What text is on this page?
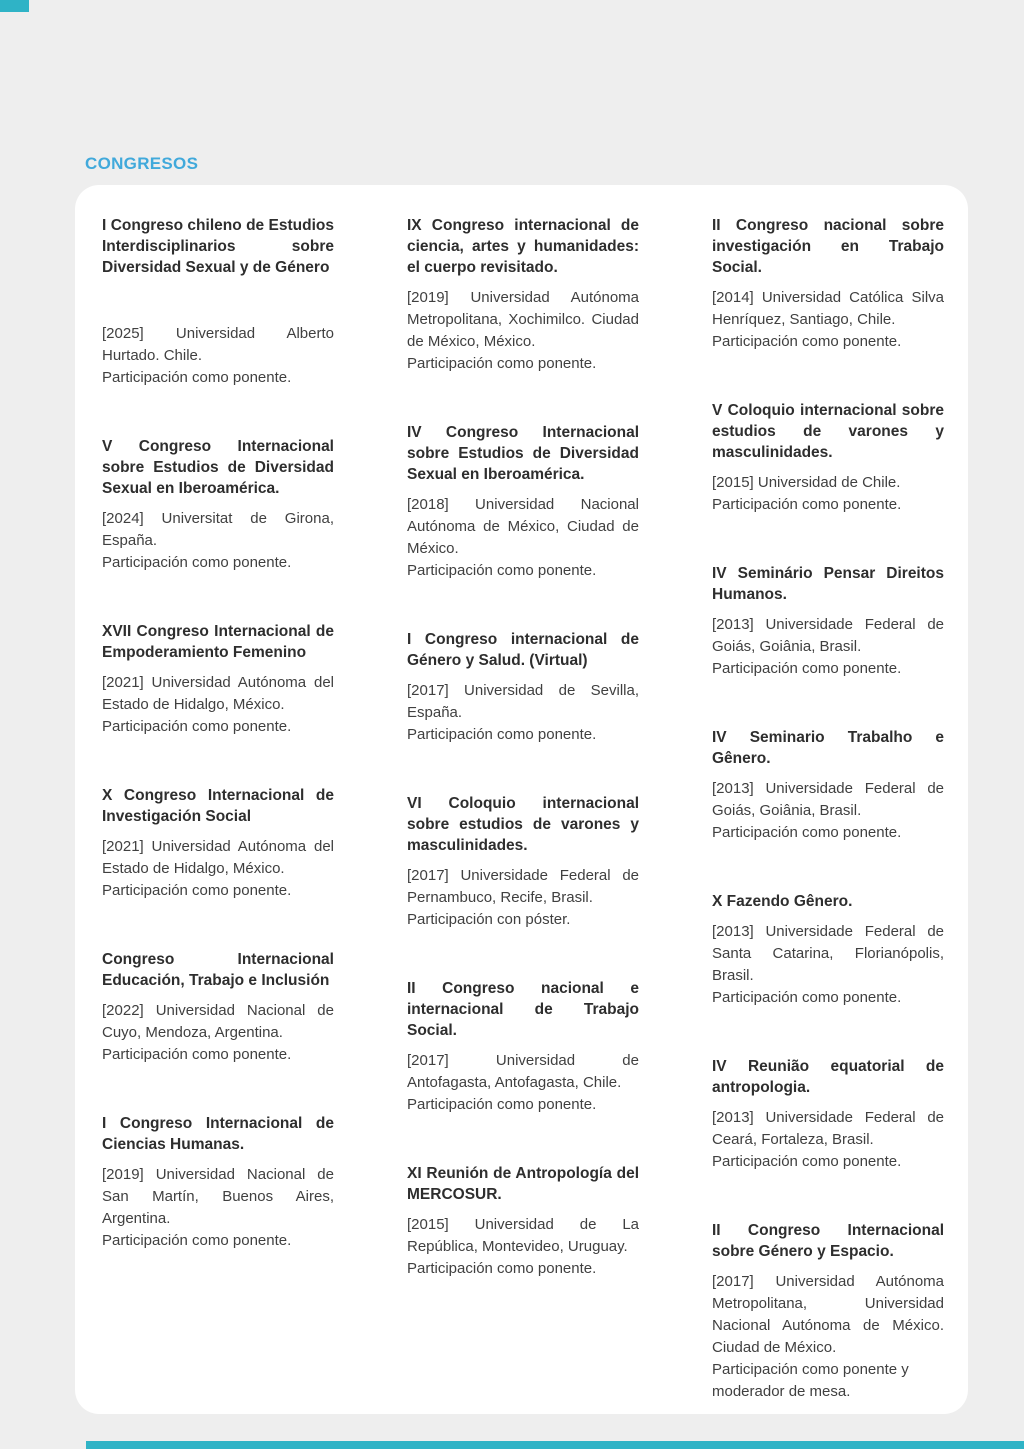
CONGRESOS
I Congreso chileno de Estudios Interdisciplinarios sobre Diversidad Sexual y de Género

[2025] Universidad Alberto Hurtado. Chile.

Participación como ponente.

V Congreso Internacional sobre Estudios de Diversidad Sexual en Iberoamérica.

[2024] Universitat de Girona, España.

Participación como ponente.

XVII Congreso Internacional de Empoderamiento Femenino

[2021] Universidad Autónoma del Estado de Hidalgo, México.

Participación como ponente.

X Congreso Internacional de Investigación Social

[2021] Universidad Autónoma del Estado de Hidalgo, México.

Participación como ponente.

Congreso Internacional Educación, Trabajo e Inclusión

[2022] Universidad Nacional de Cuyo, Mendoza, Argentina.

Participación como ponente.

I Congreso Internacional de Ciencias Humanas.

[2019] Universidad Nacional de San Martín, Buenos Aires, Argentina.

Participación como ponente.

IX Congreso internacional de ciencia, artes y humanidades: el cuerpo revisitado.

[2019] Universidad Autónoma Metropolitana, Xochimilco. Ciudad de México, México.

Participación como ponente.

IV Congreso Internacional sobre Estudios de Diversidad Sexual en Iberoamérica.

[2018] Universidad Nacional Autónoma de México, Ciudad de México.

Participación como ponente.

I Congreso internacional de Género y Salud. (Virtual)

[2017] Universidad de Sevilla, España.

Participación como ponente.

VI Coloquio internacional sobre estudios de varones y masculinidades.

[2017] Universidade Federal de Pernambuco, Recife, Brasil.

Participación con póster.

II Congreso nacional e internacional de Trabajo Social.

[2017] Universidad de Antofagasta, Antofagasta, Chile.

Participación como ponente.

XI Reunión de Antropología del MERCOSUR.

[2015] Universidad de La República, Montevideo, Uruguay.

Participación como ponente.

II Congreso nacional sobre investigación en Trabajo Social.

[2014] Universidad Católica Silva Henríquez, Santiago, Chile.

Participación como ponente.

V Coloquio internacional sobre estudios de varones y masculinidades.

[2015] Universidad de Chile.

Participación como ponente.

IV Seminário Pensar Direitos Humanos.

[2013] Universidade Federal de Goiás, Goiânia, Brasil.

Participación como ponente.

IV Seminario Trabalho e Gênero.

[2013] Universidade Federal de Goiás, Goiânia, Brasil.

Participación como ponente.

X Fazendo Gênero.

[2013] Universidade Federal de Santa Catarina, Florianópolis, Brasil.

Participación como ponente.

IV Reunião equatorial de antropologia.

[2013] Universidade Federal de Ceará, Fortaleza, Brasil.

Participación como ponente.

II Congreso Internacional sobre Género y Espacio.

[2017] Universidad Autónoma Metropolitana, Universidad Nacional Autónoma de México. Ciudad de México.

Participación como ponente y moderador de mesa.
